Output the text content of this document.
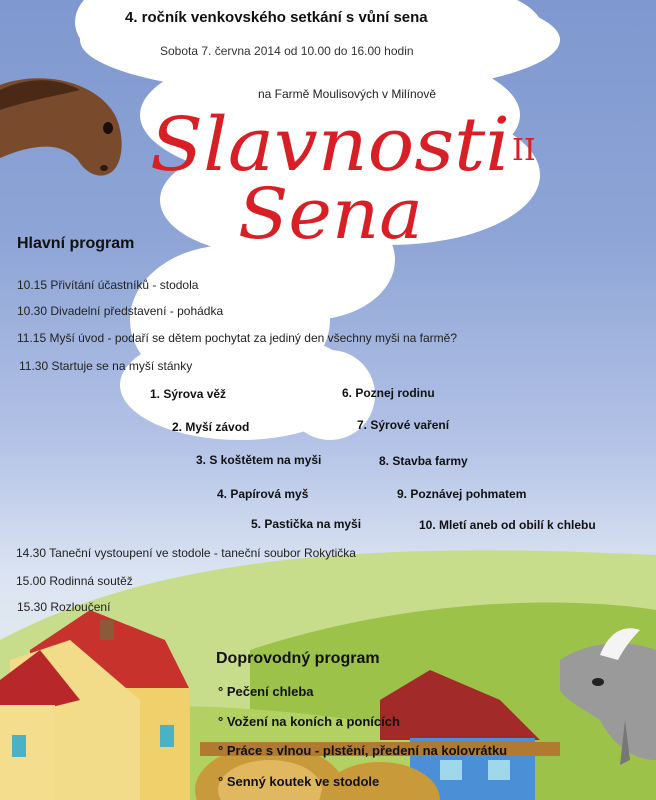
4. ročník venkovského setkání s vůní sena
Sobota 7. června 2014 od 10.00 do 16.00 hodin
na Farmě Moulisových v Milínově
Slavnosti
Sena
II
Hlavní program
10.15 Přivítání účastníků - stodola
10.30 Divadelní představení - pohádka
11.15 Myší úvod - podaří se dětem pochytat za jediný den všechny myši na farmě?
11.30 Startuje se na myší stánky
1. Sýrova věž
2. Myší závod
3. S koštětem na myši
4. Papírová myš
5. Pastička na myši
6. Poznej rodinu
7. Sýrové vaření
8. Stavba farmy
9. Poznávej pohmatem
10. Mletí aneb od obilí k chlebu
14.30 Taneční vystoupení ve stodole - taneční soubor Rokytička
15.00 Rodinná soutěž
15.30 Rozloučení
Doprovodný program
° Pečení chleba
° Vožení na koních a ponících
° Práce s vlnou - plstění, předení na kolovrátku
° Senný koutek ve stodole
